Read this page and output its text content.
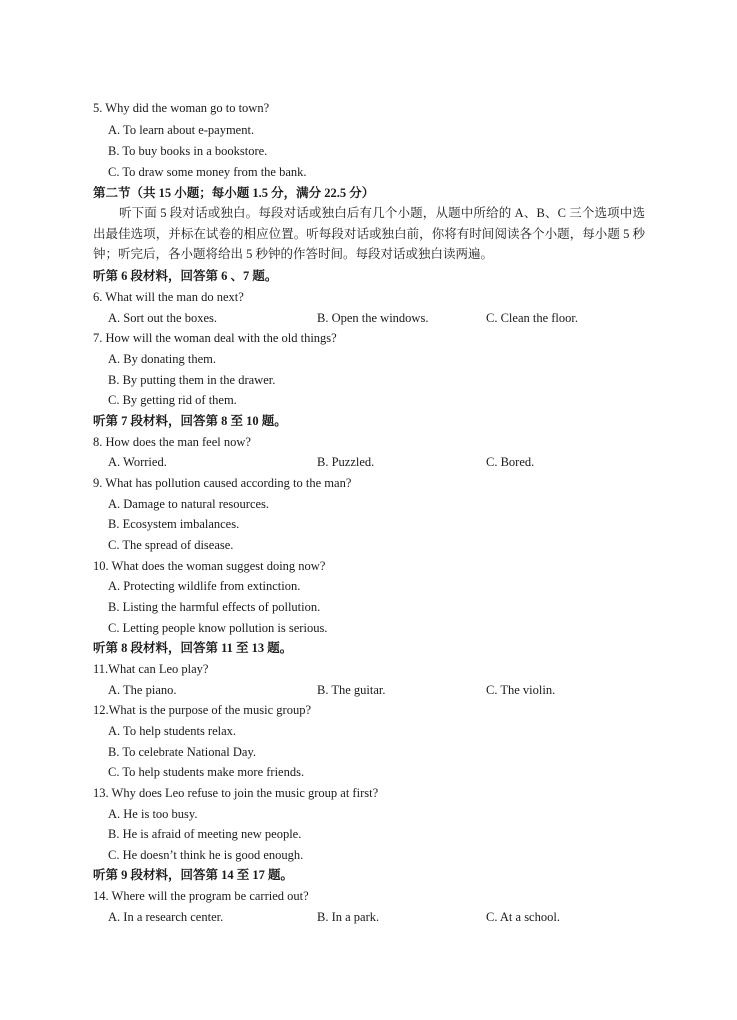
5. Why did the woman go to town?
A. To learn about e-payment.
B. To buy books in a bookstore.
C. To draw some money from the bank.
第二节（共 15 小题；每小题 1.5 分，满分 22.5 分）
听下面 5 段对话或独白。每段对话或独白后有几个小题，从题中所给的 A、B、C 三个选项中选出最佳选项，并标在试卷的相应位置。听每段对话或独白前，你将有时间阅读各个小题，每小题 5 秒钟；听完后，各小题将给出 5 秒钟的作答时间。每段对话或独白读两遍。
听第 6 段材料，回答第 6 、7 题。
6. What will the man do next?
A. Sort out the boxes.	B. Open the windows.	C. Clean the floor.
7. How will the woman deal with the old things?
A. By donating them.
B. By putting them in the drawer.
C. By getting rid of them.
听第 7 段材料，回答第 8 至 10 题。
8. How does the man feel now?
A. Worried.	B. Puzzled.	C. Bored.
9. What has pollution caused according to the man?
A. Damage to natural resources.
B. Ecosystem imbalances.
C. The spread of disease.
10. What does the woman suggest doing now?
A. Protecting wildlife from extinction.
B. Listing the harmful effects of pollution.
C. Letting people know pollution is serious.
听第 8 段材料，回答第 11 至 13 题。
11.What can Leo play?
A. The piano.	B. The guitar.	C. The violin.
12.What is the purpose of the music group?
A. To help students relax.
B. To celebrate National Day.
C. To help students make more friends.
13. Why does Leo refuse to join the music group at first?
A. He is too busy.
B. He is afraid of meeting new people.
C. He doesn’t think he is good enough.
听第 9 段材料，回答第 14 至 17 题。
14. Where will the program be carried out?
A. In a research center.	B. In a park.	C. At a school.
